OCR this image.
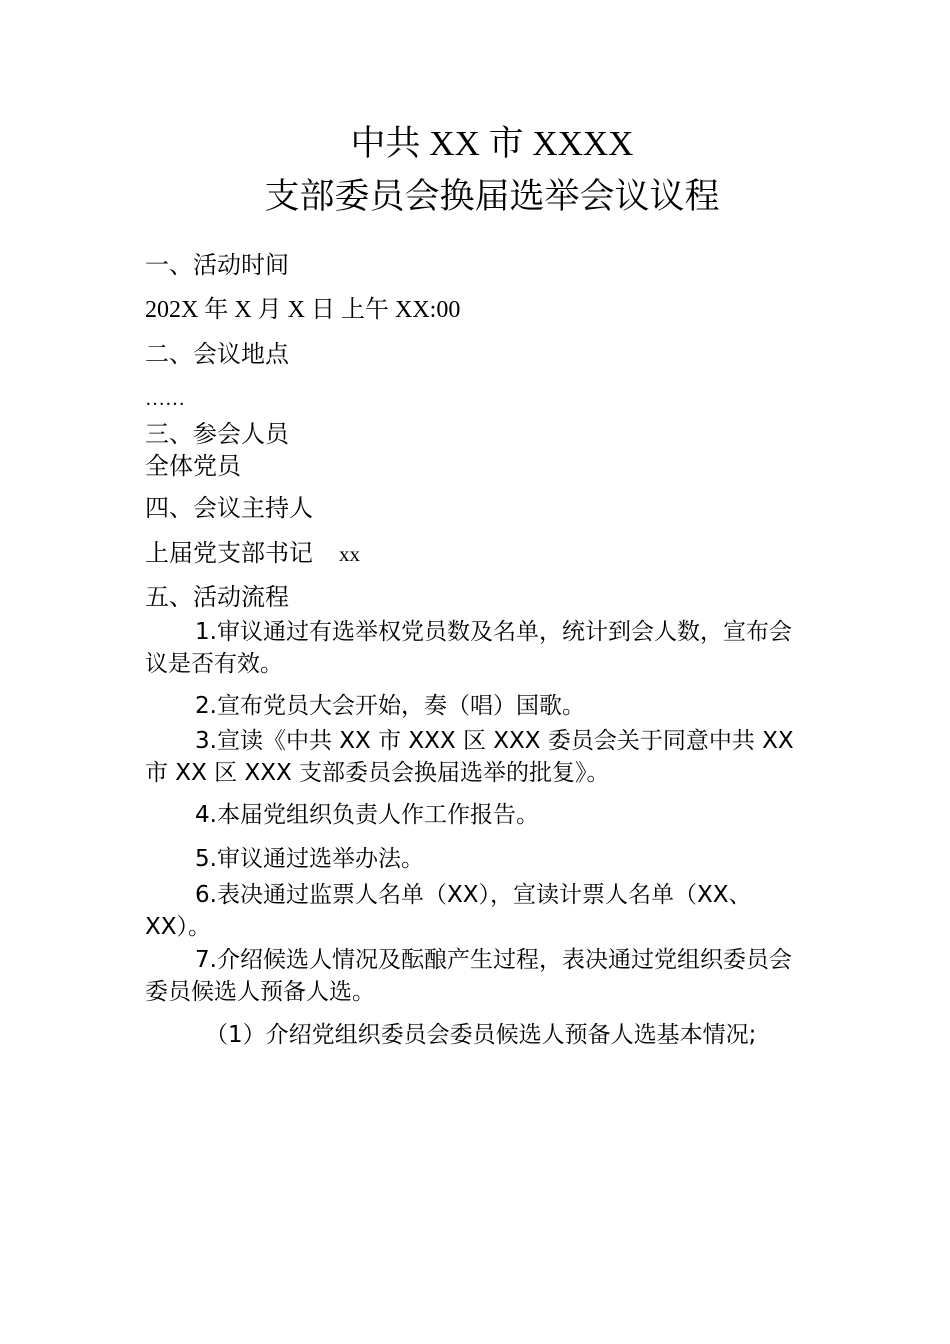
中共 XX 市 XXXX
支部委员会换届选举会议议程
一、活动时间
202X 年 X 月 X 日 上午 XX:00
二、会议地点
……
三、参会人员
全体党员
四、会议主持人
上届党支部书记 xx
五、活动流程
1.审议通过有选举权党员数及名单，统计到会人数，宣布会议是否有效。
2.宣布党员大会开始，奏（唱）国歌。
3.宣读《中共 XX 市 XXX 区 XXX 委员会关于同意中共 XX 市 XX 区 XXX 支部委员会换届选举的批复》。
4.本届党组织负责人作工作报告。
5.审议通过选举办法。
6.表决通过监票人名单（XX），宣读计票人名单（XX、 XX）。
7.介绍候选人情况及酝酿产生过程，表决通过党组织委员会委员候选人预备人选。
（1）介绍党组织委员会委员候选人预备人选基本情况;
